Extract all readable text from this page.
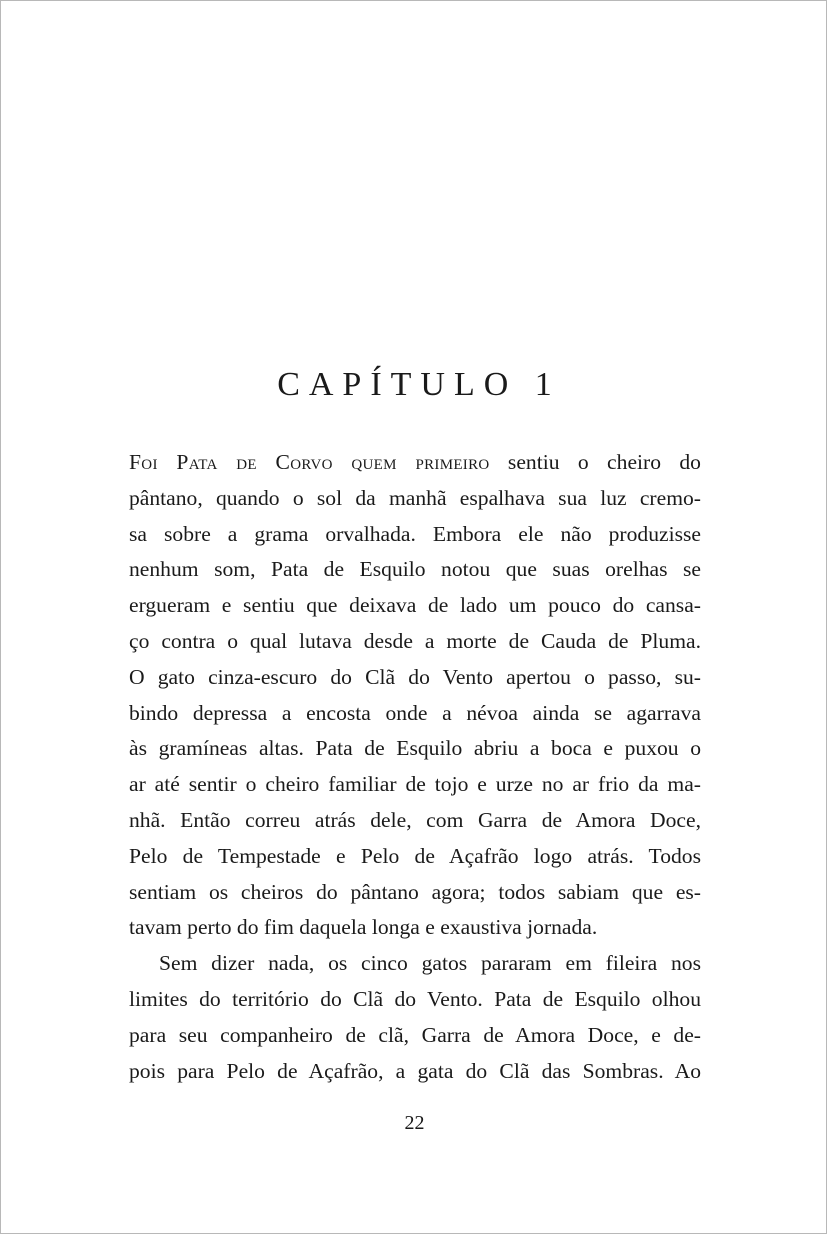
CAPÍTULO 1
Foi Pata de Corvo quem primeiro sentiu o cheiro do
pântano, quando o sol da manhã espalhava sua luz cremo-
sa sobre a grama orvalhada. Embora ele não produzisse
nenhum som, Pata de Esquilo notou que suas orelhas se
ergueram e sentiu que deixava de lado um pouco do cansa-
ço contra o qual lutava desde a morte de Cauda de Pluma.
O gato cinza-escuro do Clã do Vento apertou o passo, su-
bindo depressa a encosta onde a névoa ainda se agarrava
às gramíneas altas. Pata de Esquilo abriu a boca e puxou o
ar até sentir o cheiro familiar de tojo e urze no ar frio da ma-
nhã. Então correu atrás dele, com Garra de Amora Doce,
Pelo de Tempestade e Pelo de Açafrão logo atrás. Todos
sentiam os cheiros do pântano agora; todos sabiam que es-
tavam perto do fim daquela longa e exaustiva jornada.
Sem dizer nada, os cinco gatos pararam em fileira nos
limites do território do Clã do Vento. Pata de Esquilo olhou
para seu companheiro de clã, Garra de Amora Doce, e de-
pois para Pelo de Açafrão, a gata do Clã das Sombras. Ao
22
